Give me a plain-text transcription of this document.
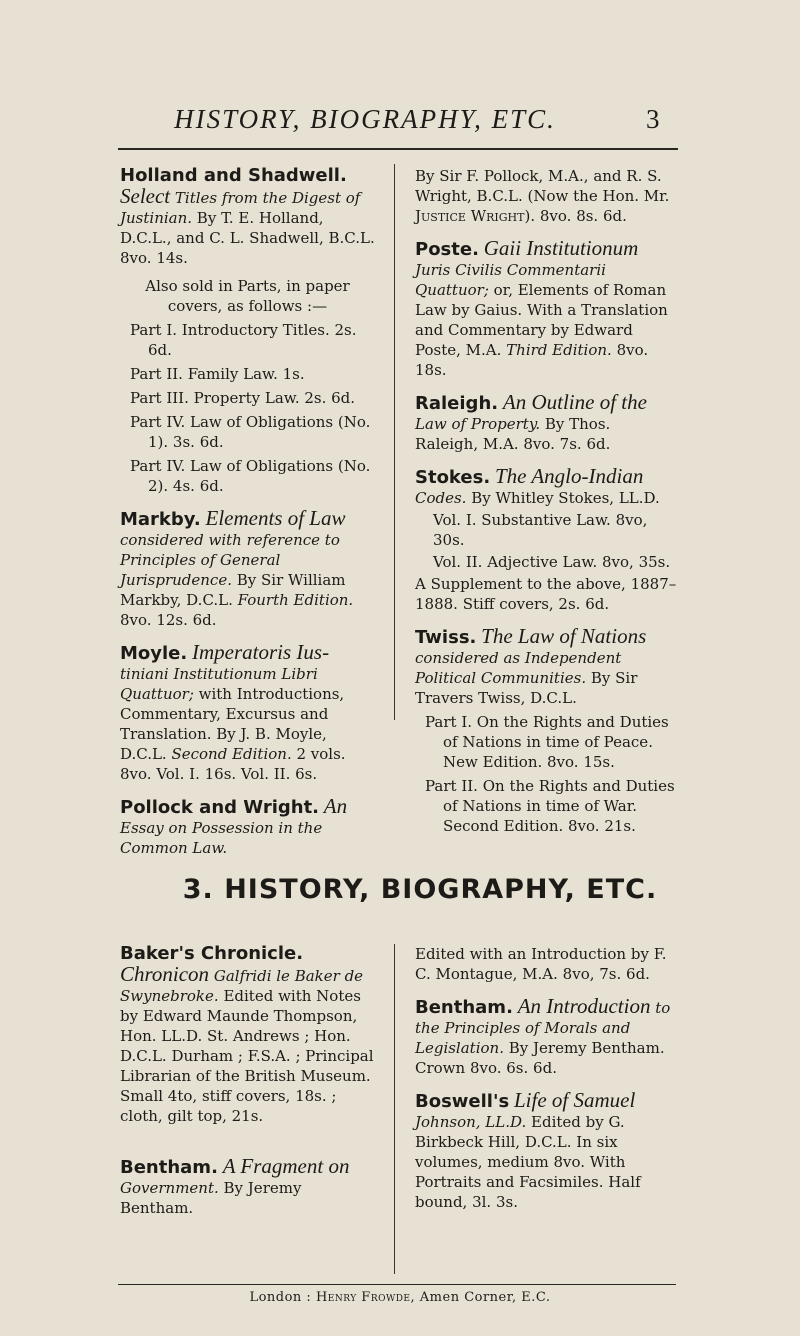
HISTORY, BIOGRAPHY, ETC.	3

Holland and Shadwell. Select Titles from the Digest of Justinian. By T. E. Holland, D.C.L., and C. L. Shadwell, B.C.L. 8vo. 14s.

Also sold in Parts, in paper covers, as follows :—

Part I. Introductory Titles. 2s. 6d.

Part II. Family Law. 1s.

Part III. Property Law. 2s. 6d.

Part IV. Law of Obligations (No. 1). 3s. 6d.

Part IV. Law of Obligations (No. 2). 4s. 6d.

Markby. Elements of Law considered with reference to Principles of General Jurisprudence. By Sir William Markby, D.C.L. Fourth Edition. 8vo. 12s. 6d.

Moyle. Imperatoris Ius- tiniani Institutionum Libri Quattuor; with Introductions, Commentary, Excursus and Translation. By J. B. Moyle, D.C.L. Second Edition. 2 vols. 8vo. Vol. I. 16s. Vol. II. 6s.

Pollock and Wright. An Essay on Possession in the Common Law.

By Sir F. Pollock, M.A., and R. S. Wright, B.C.L. (Now the Hon. Mr. Justice Wright). 8vo. 8s. 6d.

Poste. Gaii Institutionum Juris Civilis Commentarii Quattuor; or, Elements of Roman Law by Gaius. With a Translation and Commentary by Edward Poste, M.A. Third Edition. 8vo. 18s.

Raleigh. An Outline of the Law of Property. By Thos. Raleigh, M.A. 8vo. 7s. 6d.

Stokes. The Anglo-Indian Codes. By Whitley Stokes, LL.D.

Vol. I. Substantive Law. 8vo, 30s.

Vol. II. Adjective Law. 8vo, 35s.

A Supplement to the above, 1887–1888. Stiff covers, 2s. 6d.

Twiss. The Law of Nations considered as Independent Political Communities. By Sir Travers Twiss, D.C.L.

Part I. On the Rights and Duties of Nations in time of Peace. New Edition. 8vo. 15s.

Part II. On the Rights and Duties of Nations in time of War. Second Edition. 8vo. 21s.

3. HISTORY, BIOGRAPHY, ETC.

Baker's Chronicle. Chronicon Galfridi le Baker de Swynebroke. Edited with Notes by Edward Maunde Thompson, Hon. LL.D. St. Andrews ; Hon. D.C.L. Durham ; F.S.A. ; Principal Librarian of the British Museum. Small 4to, stiff covers, 18s. ; cloth, gilt top, 21s.

Bentham. A Fragment on Government. By Jeremy Bentham.

Edited with an Introduction by F. C. Montague, M.A. 8vo, 7s. 6d.

Bentham. An Introduction to the Principles of Morals and Legislation. By Jeremy Bentham. Crown 8vo. 6s. 6d.

Boswell's Life of Samuel Johnson, LL.D. Edited by G. Birkbeck Hill, D.C.L. In six volumes, medium 8vo. With Portraits and Facsimiles. Half bound, 3l. 3s.

London : Henry Frowde, Amen Corner, E.C.
